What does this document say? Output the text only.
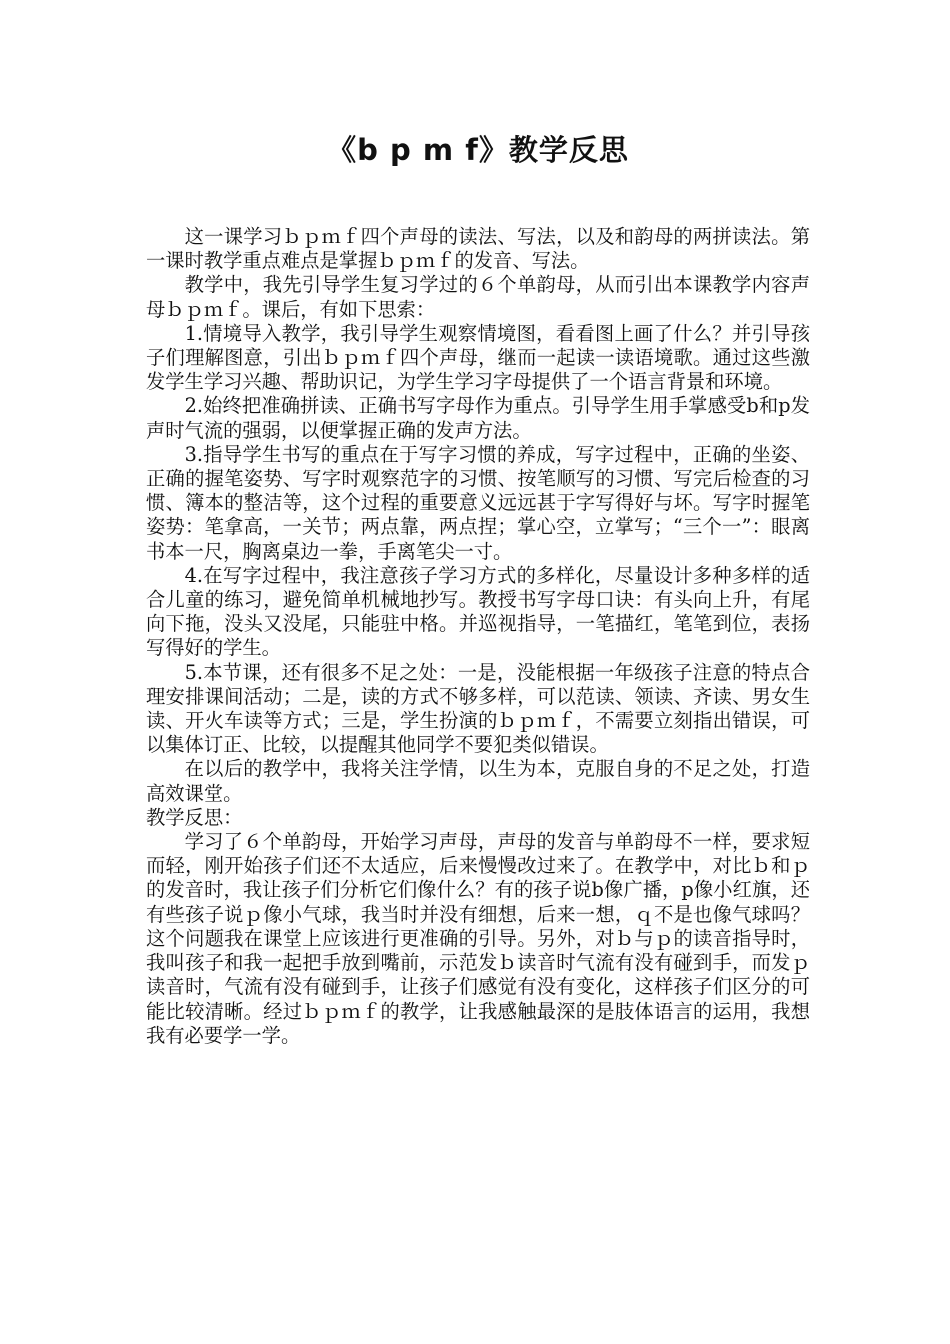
《b p m f》教学反思

这一课学习ｂｐｍｆ四个声母的读法、写法，以及和韵母的两拼读法。第一课时教学重点难点是掌握ｂｐｍｆ的发音、写法。

教学中，我先引导学生复习学过的６个单韵母，从而引出本课教学内容声母ｂｐｍｆ。课后，有如下思索：

1.情境导入教学，我引导学生观察情境图，看看图上画了什么？并引导孩子们理解图意，引出ｂｐｍｆ四个声母，继而一起读一读语境歌。通过这些激发学生学习兴趣、帮助识记，为学生学习字母提供了一个语言背景和环境。

2.始终把准确拼读、正确书写字母作为重点。引导学生用手掌感受b和p发声时气流的强弱，以便掌握正确的发声方法。

3.指导学生书写的重点在于写字习惯的养成，写字过程中，正确的坐姿、正确的握笔姿势、写字时观察范字的习惯、按笔顺写的习惯、写完后检查的习惯、簿本的整洁等，这个过程的重要意义远远甚于字写得好与坏。写字时握笔姿势：笔拿高，一关节；两点靠，两点捏；掌心空，立掌写；“三个一”：眼离书本一尺，胸离桌边一拳，手离笔尖一寸。

4.在写字过程中，我注意孩子学习方式的多样化，尽量设计多种多样的适合儿童的练习，避免简单机械地抄写。教授书写字母口诀：有头向上升，有尾向下拖，没头又没尾，只能驻中格。并巡视指导，一笔描红，笔笔到位，表扬写得好的学生。

5.本节课，还有很多不足之处：一是，没能根据一年级孩子注意的特点合理安排课间活动；二是，读的方式不够多样，可以范读、领读、齐读、男女生读、开火车读等方式；三是，学生扮演的ｂｐｍｆ，不需要立刻指出错误，可以集体订正、比较，以提醒其他同学不要犯类似错误。

在以后的教学中，我将关注学情，以生为本，克服自身的不足之处，打造高效课堂。

教学反思：

学习了６个单韵母，开始学习声母，声母的发音与单韵母不一样，要求短而轻，刚开始孩子们还不太适应，后来慢慢改过来了。在教学中，对比ｂ和ｐ的发音时，我让孩子们分析它们像什么？有的孩子说b像广播，p像小红旗，还有些孩子说ｐ像小气球，我当时并没有细想，后来一想，ｑ不是也像气球吗？这个问题我在课堂上应该进行更准确的引导。另外，对ｂ与ｐ的读音指导时，我叫孩子和我一起把手放到嘴前，示范发ｂ读音时气流有没有碰到手，而发ｐ读音时，气流有没有碰到手，让孩子们感觉有没有变化，这样孩子们区分的可能比较清晰。经过ｂｐｍｆ的教学，让我感触最深的是肢体语言的运用，我想我有必要学一学。
